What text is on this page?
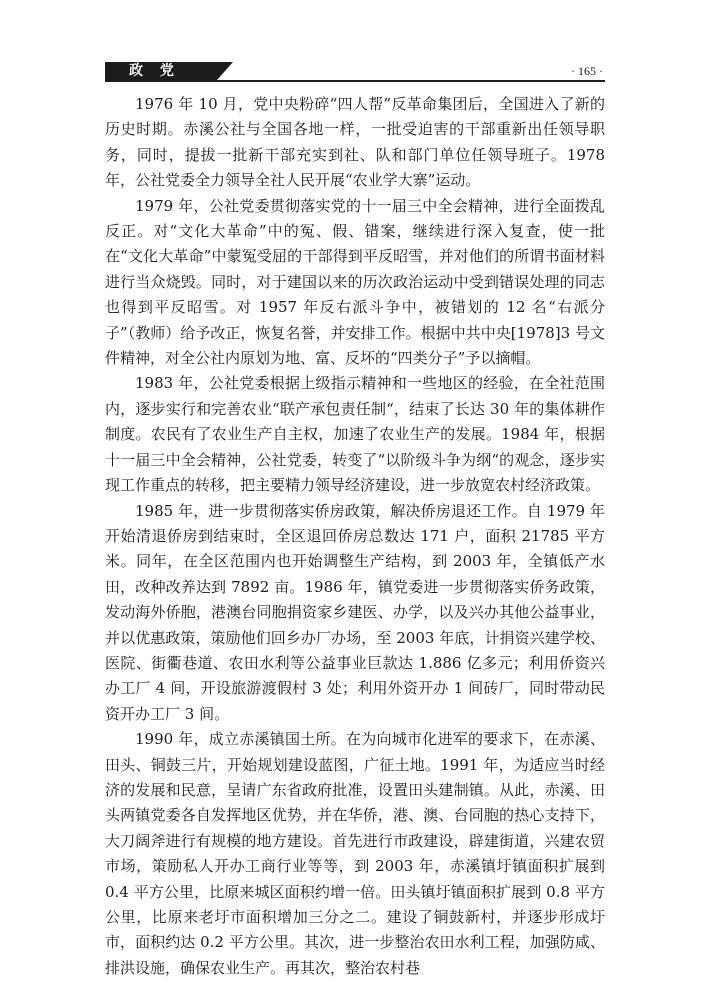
政 党	· 165 ·

1976 年 10 月，党中央粉碎“四人帮”反革命集团后，全国进入了新的历史时期。赤溪公社与全国各地一样，一批受迫害的干部重新出任领导职务，同时，提拔一批新干部充实到社、队和部门单位任领导班子。1978 年，公社党委全力领导全社人民开展“农业学大寨”运动。

1979 年，公社党委贯彻落实党的十一届三中全会精神，进行全面拨乱反正。对“文化大革命”中的冤、假、错案，继续进行深入复查，使一批在“文化大革命”中蒙冤受屈的干部得到平反昭雪，并对他们的所谓书面材料进行当众烧毁。同时，对于建国以来的历次政治运动中受到错误处理的同志也得到平反昭雪。对 1957 年反右派斗争中，被错划的 12 名“右派分子”（教师）给予改正，恢复名誉，并安排工作。根据中共中央[1978]3 号文件精神，对全公社内原划为地、富、反坏的“四类分子”予以摘帽。

1983 年，公社党委根据上级指示精神和一些地区的经验，在全社范围内，逐步实行和完善农业“联产承包责任制“，结束了长达 30 年的集体耕作制度。农民有了农业生产自主权，加速了农业生产的发展。1984 年，根据十一届三中全会精神，公社党委，转变了“以阶级斗争为纲“的观念，逐步实现工作重点的转移，把主要精力领导经济建设，进一步放宽农村经济政策。

1985 年，进一步贯彻落实侨房政策，解决侨房退还工作。自 1979 年开始清退侨房到结束时，全区退回侨房总数达 171 户，面积 21785 平方米。同年，在全区范围内也开始调整生产结构，到 2003 年，全镇低产水田，改种改养达到 7892 亩。1986 年，镇党委进一步贯彻落实侨务政策，发动海外侨胞，港澳台同胞捐资家乡建医、办学，以及兴办其他公益事业，并以优惠政策，策励他们回乡办厂办场，至 2003 年底，计捐资兴建学校、医院、街衢巷道、农田水利等公益事业巨款达 1.886 亿多元；利用侨资兴办工厂 4 间，开设旅游渡假村 3 处；利用外资开办 1 间砖厂，同时带动民资开办工厂 3 间。

1990 年，成立赤溪镇国土所。在为向城市化进军的要求下，在赤溪、田头、铜鼓三片，开始规划建设蓝图，广征土地。1991 年，为适应当时经济的发展和民意，呈请广东省政府批准，设置田头建制镇。从此，赤溪、田头两镇党委各自发挥地区优势，并在华侨，港、澳、台同胞的热心支持下，大刀阔斧进行有规模的地方建设。首先进行市政建设，辟建街道，兴建农贸市场，策励私人开办工商行业等等，到 2003 年，赤溪镇圩镇面积扩展到 0.4 平方公里，比原来城区面积约增一倍。田头镇圩镇面积扩展到 0.8 平方公里，比原来老圩市面积增加三分之二。建设了铜鼓新村，并逐步形成圩市，面积约达 0.2 平方公里。其次，进一步整治农田水利工程，加强防咸、排洪设施，确保农业生产。再其次，整治农村巷
